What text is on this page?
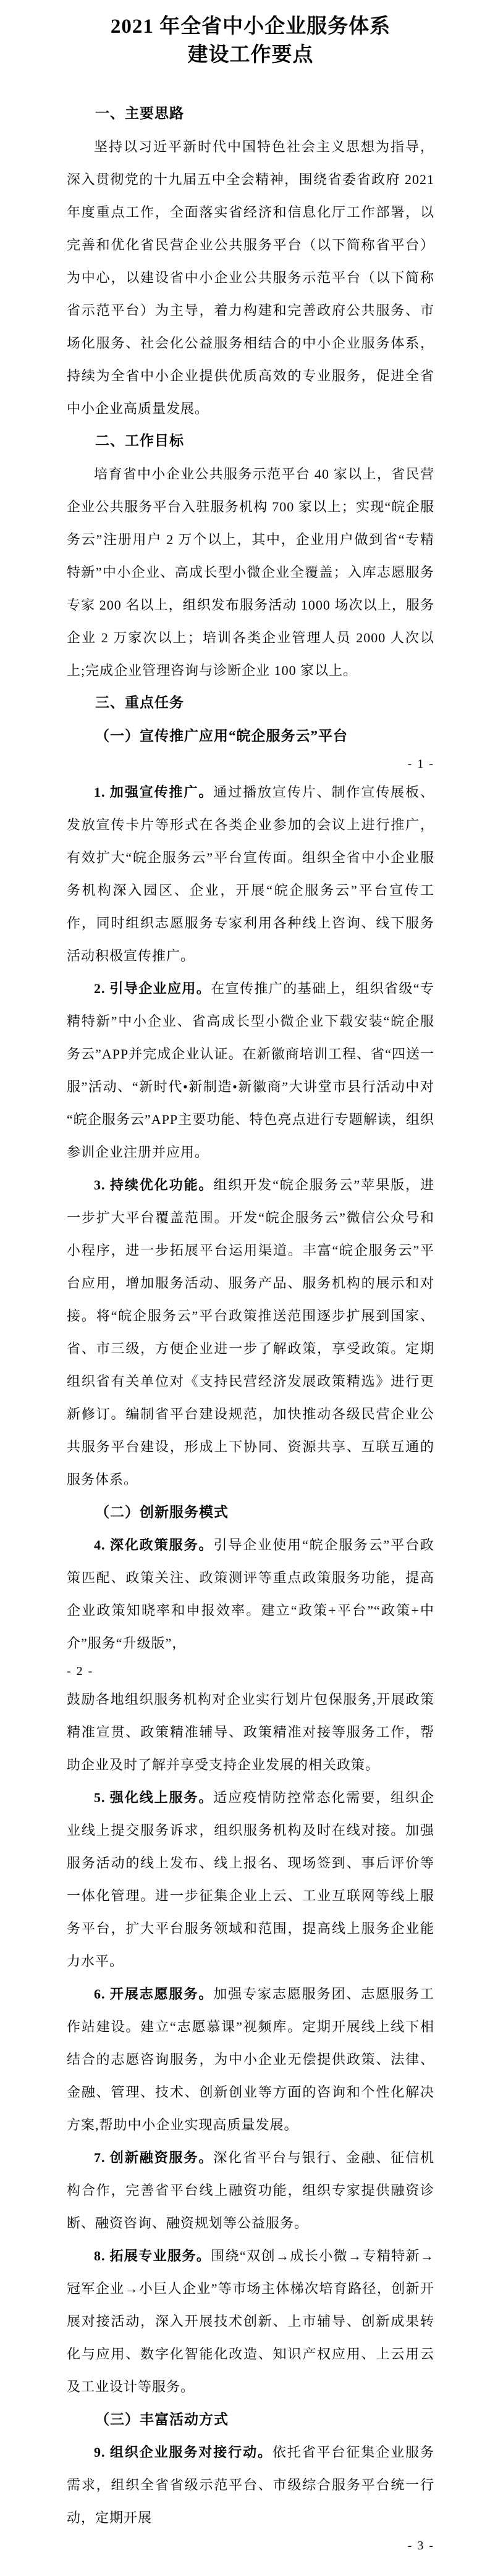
2021 年全省中小企业服务体系
建设工作要点
一、主要思路

坚持以习近平新时代中国特色社会主义思想为指导，深入贯彻党的十九届五中全会精神，围绕省委省政府 2021 年度重点工作，全面落实省经济和信息化厅工作部署，以完善和优化省民营企业公共服务平台（以下简称省平台）为中心，以建设省中小企业公共服务示范平台（以下简称省示范平台）为主导，着力构建和完善政府公共服务、市场化服务、社会化公益服务相结合的中小企业服务体系，持续为全省中小企业提供优质高效的专业服务，促进全省中小企业高质量发展。

二、工作目标

培育省中小企业公共服务示范平台 40 家以上，省民营企业公共服务平台入驻服务机构 700 家以上；实现“皖企服务云”注册用户 2 万个以上，其中，企业用户做到省“专精特新”中小企业、高成长型小微企业全覆盖；入库志愿服务专家 200 名以上，组织发布服务活动 1000 场次以上，服务企业 2 万家次以上；培训各类企业管理人员 2000 人次以上;完成企业管理咨询与诊断企业 100 家以上。

三、重点任务
（一）宣传推广应用“皖企服务云”平台
- 1 -

1. 加强宣传推广。通过播放宣传片、制作宣传展板、发放宣传卡片等形式在各类企业参加的会议上进行推广，有效扩大“皖企服务云”平台宣传面。组织全省中小企业服务机构深入园区、企业，开展“皖企服务云”平台宣传工作，同时组织志愿服务专家利用各种线上咨询、线下服务活动积极宣传推广。

2. 引导企业应用。在宣传推广的基础上，组织省级“专精特新”中小企业、省高成长型小微企业下载安装“皖企服务云”APP并完成企业认证。在新徽商培训工程、省“四送一服”活动、“新时代•新制造•新徽商”大讲堂市县行活动中对“皖企服务云”APP主要功能、特色亮点进行专题解读，组织参训企业注册并应用。

3. 持续优化功能。组织开发“皖企服务云”苹果版，进一步扩大平台覆盖范围。开发“皖企服务云”微信公众号和小程序，进一步拓展平台运用渠道。丰富“皖企服务云”平台应用，增加服务活动、服务产品、服务机构的展示和对接。将“皖企服务云”平台政策推送范围逐步扩展到国家、省、市三级，方便企业进一步了解政策，享受政策。定期组织省有关单位对《支持民营经济发展政策精选》进行更新修订。编制省平台建设规范，加快推动各级民营企业公共服务平台建设，形成上下协同、资源共享、互联互通的服务体系。

（二）创新服务模式

4. 深化政策服务。引导企业使用“皖企服务云”平台政策匹配、政策关注、政策测评等重点政策服务功能，提高企业政策知晓率和申报效率。建立“政策+平台”“政策+中介”服务“升级版”，

- 2 -

鼓励各地组织服务机构对企业实行划片包保服务,开展政策精准宣贯、政策精准辅导、政策精准对接等服务工作，帮助企业及时了解并享受支持企业发展的相关政策。

5. 强化线上服务。适应疫情防控常态化需要，组织企业线上提交服务诉求，组织服务机构及时在线对接。加强服务活动的线上发布、线上报名、现场签到、事后评价等一体化管理。进一步征集企业上云、工业互联网等线上服务平台，扩大平台服务领域和范围，提高线上服务企业能力水平。

6. 开展志愿服务。加强专家志愿服务团、志愿服务工作站建设。建立“志愿慕课”视频库。定期开展线上线下相结合的志愿咨询服务，为中小企业无偿提供政策、法律、金融、管理、技术、创新创业等方面的咨询和个性化解决方案,帮助中小企业实现高质量发展。

7. 创新融资服务。深化省平台与银行、金融、征信机构合作，完善省平台线上融资功能，组织专家提供融资诊断、融资咨询、融资规划等公益服务。

8. 拓展专业服务。围绕“双创→成长小微→专精特新→冠军企业→小巨人企业”等市场主体梯次培育路径，创新开展对接活动，深入开展技术创新、上市辅导、创新成果转化与应用、数字化智能化改造、知识产权应用、上云用云及工业设计等服务。

（三）丰富活动方式

9. 组织企业服务对接行动。依托省平台征集企业服务需求，组织全省省级示范平台、市级综合服务平台统一行动，定期开展

- 3 -
